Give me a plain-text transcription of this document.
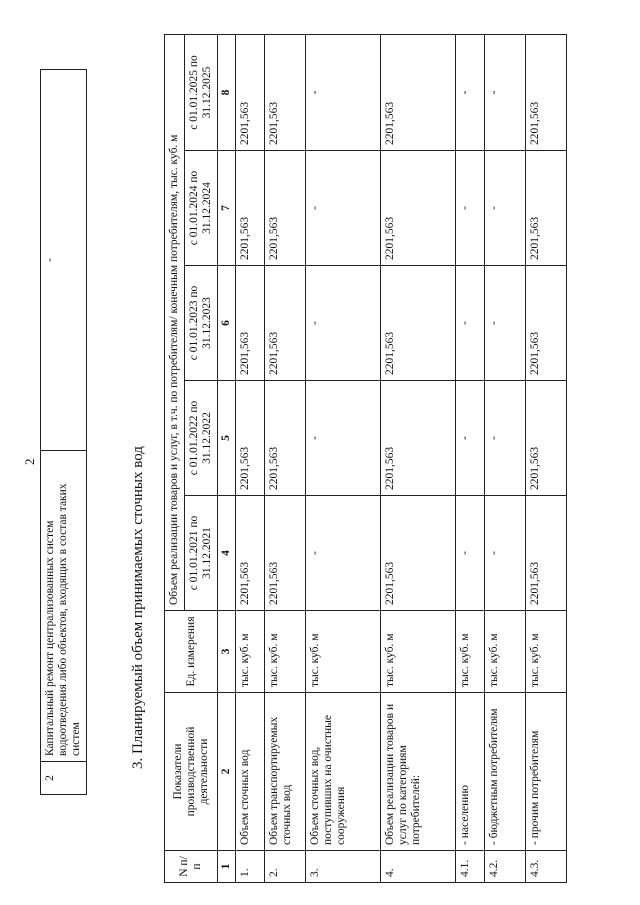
2
2	Капитальный ремонт централизованных систем водоотведения либо объектов, входящих в состав таких систем	-
3. Планируемый объем принимаемых сточных вод
N п/п	Показатели производственной деятельности	Ед. измерения	Объем реализации товаров и услуг, в т.ч. по потребителям/ конечным потребителям, тыс. куб. м				
			с 01.01.2021 по 31.12.2021	с 01.01.2022 по 31.12.2022	с 01.01.2023 по 31.12.2023	с 01.01.2024 по 31.12.2024	с 01.01.2025 по 31.12.2025
1	2	3	4	5	6	7	8
1.	Объем сточных вод	тыс. куб. м	2201,563	2201,563	2201,563	2201,563	2201,563
2.	Объем транспортируемых сточных вод	тыс. куб. м	2201,563	2201,563	2201,563	2201,563	2201,563
3.	Объем сточных вод, поступивших на очистные сооружения	тыс. куб. м	-	-	-	-	-
4.	Объем реализации товаров и услуг по категориям потребителей:	тыс. куб. м	2201,563	2201,563	2201,563	2201,563	2201,563
4.1.	- населению	тыс. куб. м	-	-	-	-	-
4.2.	- бюджетным потребителям	тыс. куб. м	-	-	-	-	-
4.3.	- прочим потребителям	тыс. куб. м	2201,563	2201,563	2201,563	2201,563	2201,563
